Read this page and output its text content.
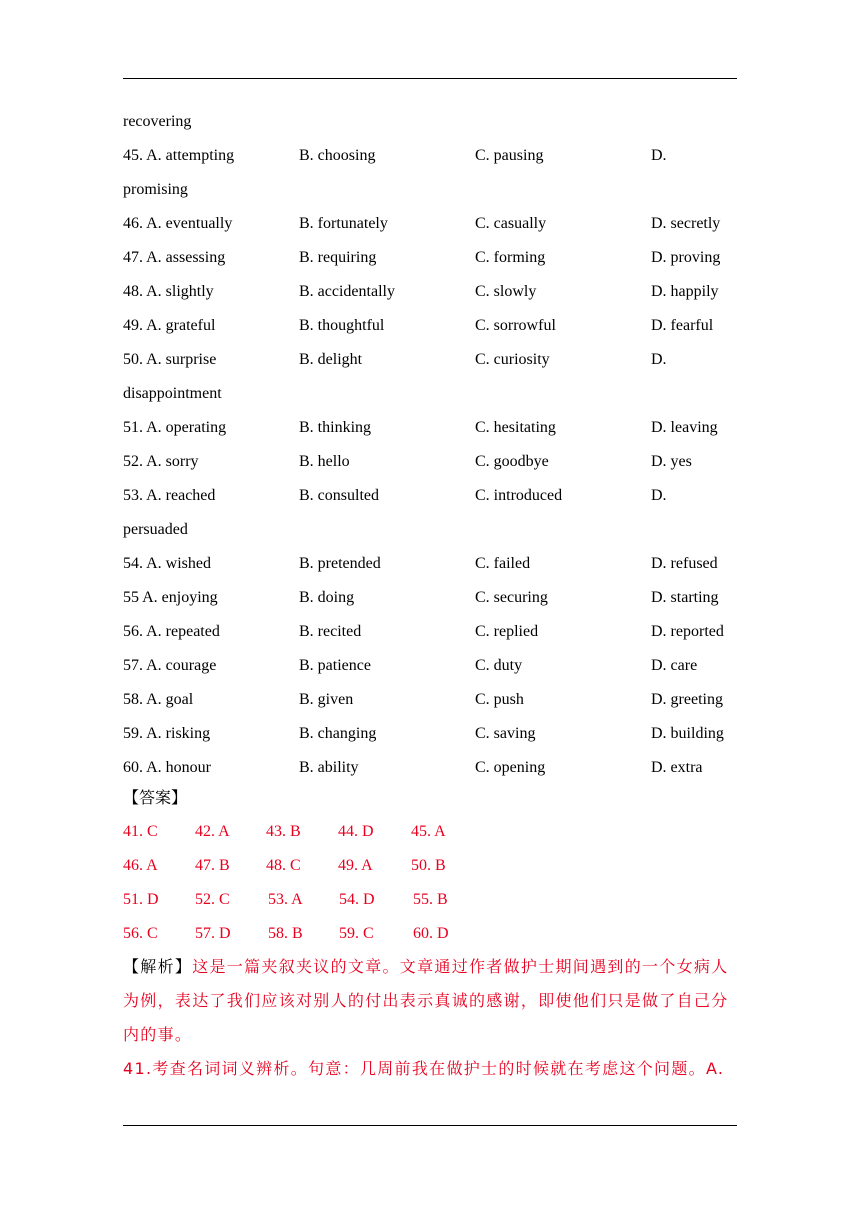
recovering
45. A. attempting	B. choosing	C. pausing	D.
promising
46. A. eventually	B. fortunately	C. casually	D. secretly
47. A. assessing	B. requiring	C. forming	D. proving
48. A. slightly	B. accidentally	C. slowly	D. happily
49. A. grateful	B. thoughtful	C. sorrowful	D. fearful
50. A. surprise	B. delight	C. curiosity	D.
disappointment
51. A. operating	B. thinking	C. hesitating	D. leaving
52. A. sorry	B. hello	C. goodbye	D. yes
53. A. reached	B. consulted	C. introduced	D.
persuaded
54. A. wished	B. pretended	C. failed	D. refused
55 A. enjoying	B. doing	C. securing	D. starting
56. A. repeated	B. recited	C. replied	D. reported
57. A. courage	B. patience	C. duty	D. care
58. A. goal	B. given	C. push	D. greeting
59. A. risking	B. changing	C. saving	D. building
60. A. honour	B. ability	C. opening	D. extra
【答案】
41. C 42. A 43. B 44. D 45. A
46. A 47. B 48. C 49. A 50. B
51. D 52. C 53. A 54. D 55. B
56. C 57. D 58. B 59. C 60. D
【解析】这是一篇夹叙夹议的文章。文章通过作者做护士期间遇到的一个女病人
为例，表达了我们应该对别人的付出表示真诚的感谢，即使他们只是做了自己分
内的事。
41.考查名词词义辨析。句意：几周前我在做护士的时候就在考虑这个问题。A.
